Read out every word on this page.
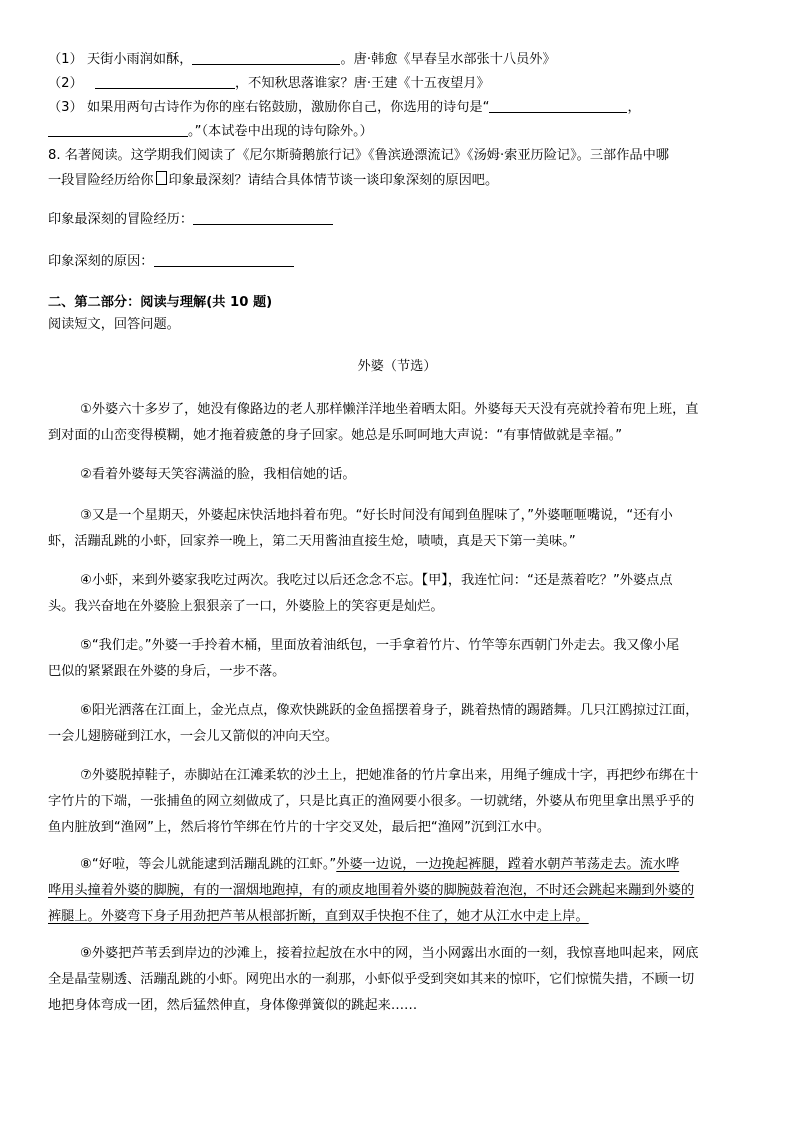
（1） 天街小雨润如酥，	。唐·韩愈《早春呈水部张十八员外》
（2）	，不知秋思落谁家？唐·王建《十五夜望月》
（3） 如果用两句古诗作为你的座右铭鼓励，激励你自己，你选用的诗句是“	，
。”（本试卷中出现的诗句除外。）
8. 名著阅读。这学期我们阅读了《尼尔斯骑鹅旅行记》《鲁滨逊漂流记》《汤姆·索亚历险记》。三部作品中哪
一段冒险经历给你 印象最深刻？请结合具体情节谈一谈印象深刻的原因吧。
印象最深刻的冒险经历：
印象深刻的原因：
二、第二部分：阅读与理解(共 10 题)
阅读短文，回答问题。
外婆（节选）
①外婆六十多岁了，她没有像路边的老人那样懒洋洋地坐着晒太阳。外婆每天天没有亮就拎着布兜上班，直
到对面的山峦变得模糊，她才拖着疲惫的身子回家。她总是乐呵呵地大声说：“有事情做就是幸福。”
②看着外婆每天笑容满溢的脸，我相信她的话。
③又是一个星期天，外婆起床快活地抖着布兜。“好长时间没有闻到鱼腥味了，”外婆咂咂嘴说，“还有小
虾，活蹦乱跳的小虾，回家养一晚上，第二天用酱油直接生炝，啧啧，真是天下第一美味。”
④小虾，来到外婆家我吃过两次。我吃过以后还念念不忘。【甲】，我连忙问：“还是蒸着吃？”外婆点点
头。我兴奋地在外婆脸上狠狠亲了一口，外婆脸上的笑容更是灿烂。
⑤“我们走。”外婆一手拎着木桶，里面放着油纸包，一手拿着竹片、竹竿等东西朝门外走去。我又像小尾
巴似的紧紧跟在外婆的身后，一步不落。
⑥阳光洒落在江面上，金光点点，像欢快跳跃的金鱼摇摆着身子，跳着热情的踢踏舞。几只江鸥掠过江面，
一会儿翅膀碰到江水，一会儿又箭似的冲向天空。
⑦外婆脱掉鞋子，赤脚站在江滩柔软的沙土上，把她准备的竹片拿出来，用绳子缠成十字，再把纱布绑在十
字竹片的下端，一张捕鱼的网立刻做成了，只是比真正的渔网要小很多。一切就绪，外婆从布兜里拿出黑乎乎的
鱼内脏放到“渔网”上，然后将竹竿绑在竹片的十字交叉处，最后把“渔网”沉到江水中。
⑧“好啦，等会儿就能逮到活蹦乱跳的江虾。”外婆一边说，一边挽起裤腿，蹚着水朝芦苇荡走去。流水哗
哗用头撞着外婆的脚腕，有的一溜烟地跑掉，有的顽皮地围着外婆的脚腕鼓着泡泡，不时还会跳起来蹦到外婆的
裤腿上。外婆弯下身子用劲把芦苇从根部折断，直到双手快抱不住了，她才从江水中走上岸。
⑨外婆把芦苇丢到岸边的沙滩上，接着拉起放在水中的网，当小网露出水面的一刻，我惊喜地叫起来，网底
全是晶莹剔透、活蹦乱跳的小虾。网兜出水的一刹那，小虾似乎受到突如其来的惊吓，它们惊慌失措，不顾一切
地把身体弯成一团，然后猛然伸直，身体像弹簧似的跳起来……
